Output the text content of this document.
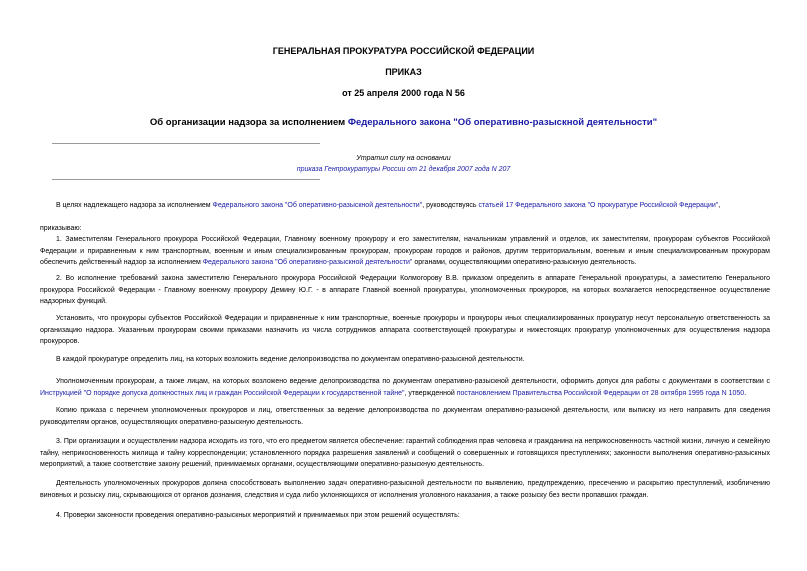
ГЕНЕРАЛЬНАЯ ПРОКУРАТУРА РОССИЙСКОЙ ФЕДЕРАЦИИ
ПРИКАЗ
от 25 апреля 2000 года N 56
Об организации надзора за исполнением Федерального закона "Об оперативно-разыскной деятельности"
Утратил силу на основании
приказа Генпрокуратуры России от 21 декабря 2007 года N 207
В целях надлежащего надзора за исполнением Федерального закона "Об оперативно-разыскной деятельности", руководствуясь статьей 17 Федерального закона "О прокуратуре Российской Федерации",
приказываю:
1. Заместителям Генерального прокурора Российской Федерации, Главному военному прокурору и его заместителям, начальникам управлений и отделов, их заместителям, прокурорам субъектов Российской Федерации и приравненным к ним транспортным, военным и иным специализированным прокурорам, прокурорам городов и районов, другим территориальным, военным и иным специализированным прокурорам обеспечить действенный надзор за исполнением Федерального закона "Об оперативно-разыскной деятельности" органами, осуществляющими оперативно-разыскную деятельность.
2. Во исполнение требований закона заместителю Генерального прокурора Российской Федерации Колмогорову В.В. приказом определить в аппарате Генеральной прокуратуры, а заместителю Генерального прокурора Российской Федерации - Главному военному прокурору Демину Ю.Г. - в аппарате Главной военной прокуратуры, уполномоченных прокуроров, на которых возлагается непосредственное осуществление надзорных функций.
Установить, что прокуроры субъектов Российской Федерации и приравненные к ним транспортные, военные прокуроры и прокуроры иных специализированных прокуратур несут персональную ответственность за организацию надзора. Указанным прокурорам своими приказами назначить из числа сотрудников аппарата соответствующей прокуратуры и нижестоящих прокуратур уполномоченных для осуществления надзора прокуроров.
В каждой прокуратуре определить лиц, на которых возложить ведение делопроизводства по документам оперативно-разыскной деятельности.
Уполномоченным прокурорам, а также лицам, на которых возложено ведение делопроизводства по документам оперативно-разыскной деятельности, оформить допуск для работы с документами в соответствии с Инструкцией "О порядке допуска должностных лиц и граждан Российской Федерации к государственной тайне", утвержденной постановлением Правительства Российской Федерации от 28 октября 1995 года N 1050.
Копию приказа с перечнем уполномоченных прокуроров и лиц, ответственных за ведение делопроизводства по документам оперативно-разыскной деятельности, или выписку из него направить для сведения руководителям органов, осуществляющих оперативно-разыскную деятельность.
3. При организации и осуществлении надзора исходить из того, что его предметом является обеспечение: гарантий соблюдения прав человека и гражданина на неприкосновенность частной жизни, личную и семейную тайну, неприкосновенность жилища и тайну корреспонденции; установленного порядка разрешения заявлений и сообщений о совершенных и готовящихся преступлениях; законности выполнения оперативно-разыскных мероприятий, а также соответствие закону решений, принимаемых органами, осуществляющими оперативно-разыскную деятельность.
Деятельность уполномоченных прокуроров должна способствовать выполнению задач оперативно-разыскной деятельности по выявлению, предупреждению, пресечению и раскрытию преступлений, изобличению виновных и розыску лиц, скрывающихся от органов дознания, следствия и суда либо уклоняющихся от исполнения уголовного наказания, а также розыску без вести пропавших граждан.
4. Проверки законности проведения оперативно-разыскных мероприятий и принимаемых при этом решений осуществлять:
